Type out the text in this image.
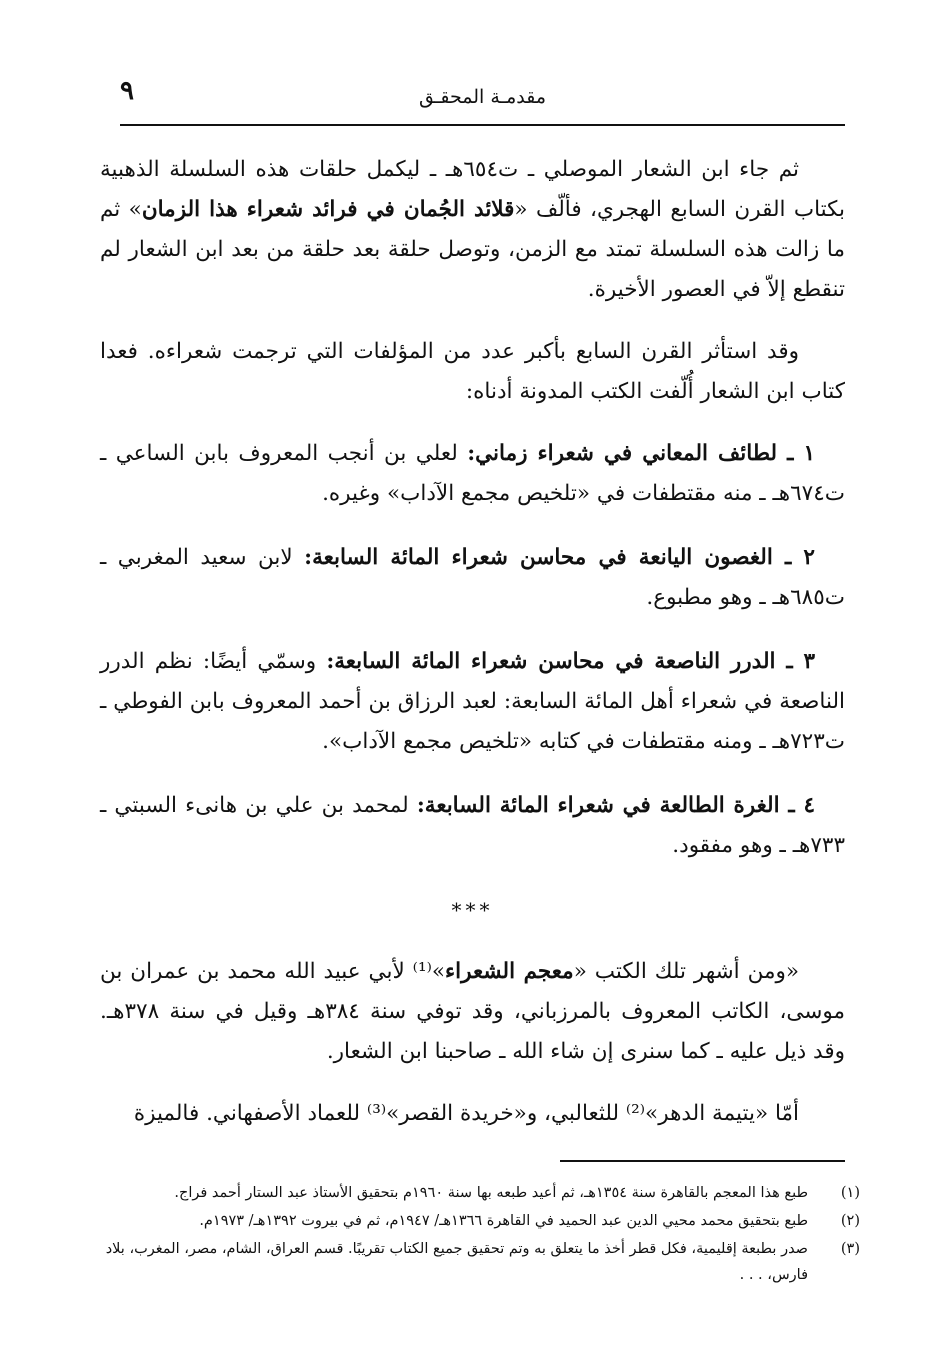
٩	مقدمـة المحقـق

ثم جاء ابن الشعار الموصلي ـ ت٦٥٤هـ ـ ليكمل حلقات هذه السلسلة الذهبية بكتاب القرن السابع الهجري، فألّف «قلائد الجُمان في فرائد شعراء هذا الزمان» ثم ما زالت هذه السلسلة تمتد مع الزمن، وتوصل حلقة بعد حلقة من بعد ابن الشعار لم تنقطع إلاّ في العصور الأخيرة.

وقد استأثر القرن السابع بأكبر عدد من المؤلفات التي ترجمت شعراءه. فعدا كتاب ابن الشعار أُلّفت الكتب المدونة أدناه:

١ ـ لطائف المعاني في شعراء زماني: لعلي بن أنجب المعروف بابن الساعي ـ ت٦٧٤هـ ـ منه مقتطفات في «تلخيص مجمع الآداب» وغيره.

٢ ـ الغصون اليانعة في محاسن شعراء المائة السابعة: لابن سعيد المغربي ـ ت٦٨٥هـ ـ وهو مطبوع.

٣ ـ الدرر الناصعة في محاسن شعراء المائة السابعة: وسمّي أيضًا: نظم الدرر الناصعة في شعراء أهل المائة السابعة: لعبد الرزاق بن أحمد المعروف بابن الفوطي ـ ت٧٢٣هـ ـ ومنه مقتطفات في كتابه «تلخيص مجمع الآداب».

٤ ـ الغرة الطالعة في شعراء المائة السابعة: لمحمد بن علي بن هانىء السبتي ـ ٧٣٣هـ ـ وهو مفقود.

***

«ومن أشهر تلك الكتب «معجم الشعراء»⁽¹⁾ لأبي عبيد الله محمد بن عمران بن موسى، الكاتب المعروف بالمرزباني، وقد توفي سنة ٣٨٤هـ وقيل في سنة ٣٧٨هـ. وقد ذيل عليه ـ كما سنرى إن شاء الله ـ صاحبنا ابن الشعار.

أمّا «يتيمة الدهر»⁽²⁾ للثعالبي، و«خريدة القصر»⁽³⁾ للعماد الأصفهاني. فالميزة

(١)
طبع هذا المعجم بالقاهرة سنة ١٣٥٤هـ، ثم أعيد طبعه بها سنة ١٩٦٠م بتحقيق الأستاذ عبد الستار أحمد فراج.
(٢)
طبع بتحقيق محمد محيي الدين عبد الحميد في القاهرة ١٣٦٦هـ/ ١٩٤٧م، ثم في بيروت ١٣٩٢هـ/ ١٩٧٣م.
(٣)
صدر بطبعة إقليمية، فكل قطر أخذ ما يتعلق به وتم تحقيق جميع الكتاب تقريبًا. قسم العراق، الشام، مصر، المغرب، بلاد فارس، . . .
